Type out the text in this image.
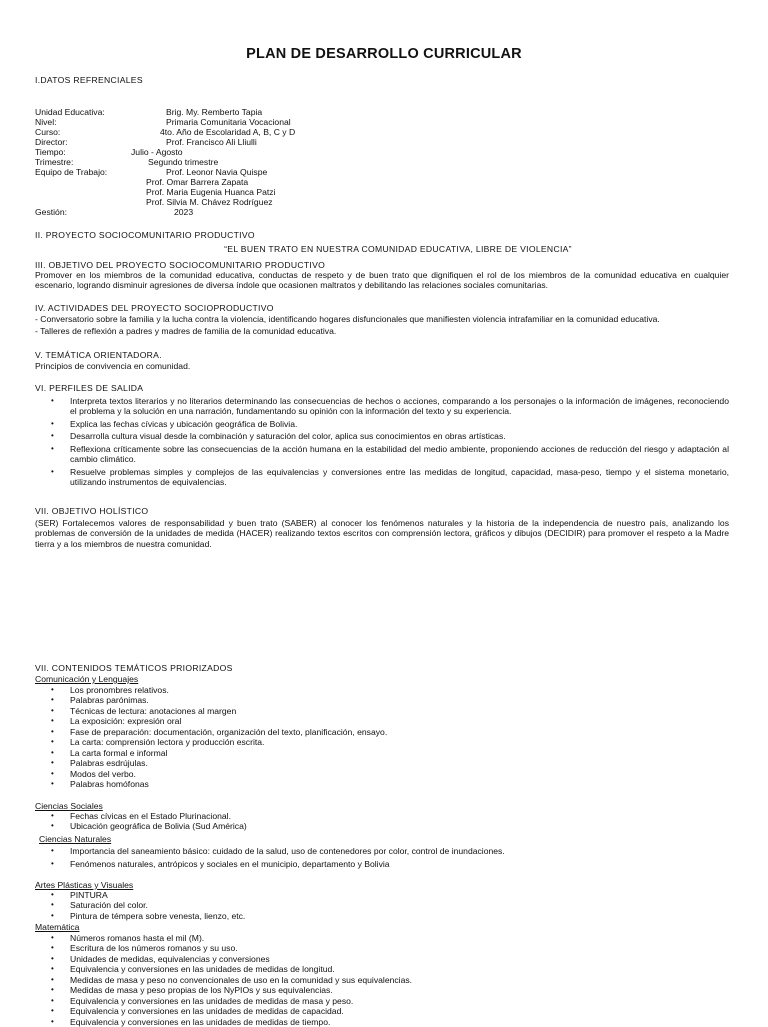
PLAN DE DESARROLLO CURRICULAR
I.DATOS REFRENCIALES
Unidad Educativa:	Brig. My. Remberto Tapia
Nivel:	Primaria Comunitaria Vocacional
Curso:	4to. Año de Escolaridad A, B, C y D
Director:	Prof. Francisco Ali Lliulli
Tiempo:	Julio - Agosto
Trimestre:	Segundo trimestre
Equipo de Trabajo:	Prof. Leonor Navia Quispe
Prof. Omar Barrera Zapata
Prof. Maria Eugenia Huanca Patzi
Prof. Silvia M. Chávez Rodríguez
Gestión:	2023
II. PROYECTO SOCIOCOMUNITARIO PRODUCTIVO
“EL BUEN TRATO EN NUESTRA COMUNIDAD EDUCATIVA, LIBRE DE VIOLENCIA”
III. OBJETIVO DEL PROYECTO SOCIOCOMUNITARIO PRODUCTIVO
Promover en los miembros de la comunidad educativa, conductas de respeto y de buen trato que dignifiquen el rol de los miembros de la comunidad educativa en cualquier escenario, logrando disminuir agresiones de diversa índole que ocasionen maltratos y debilitando las relaciones sociales comunitarias.
IV. ACTIVIDADES DEL PROYECTO SOCIOPRODUCTIVO
- Conversatorio sobre la familia y la lucha contra la violencia, identificando hogares disfuncionales que manifiesten violencia intrafamiliar en la comunidad educativa.
- Talleres de reflexión a padres y madres de familia de la comunidad educativa.
V. TEMÁTICA ORIENTADORA.
Principios de convivencia en comunidad.
VI. PERFILES DE SALIDA
• Interpreta textos literarios y no literarios determinando las consecuencias de hechos o acciones, comparando a los personajes o la información de imágenes, reconociendo el problema y la solución en una narración, fundamentando su opinión con la información del texto y su experiencia.
• Explica las fechas cívicas y ubicación geográfica de Bolivia.
• Desarrolla cultura visual desde la combinación y saturación del color, aplica sus conocimientos en obras artísticas.
• Reflexiona críticamente sobre las consecuencias de la acción humana en la estabilidad del medio ambiente, proponiendo acciones de reducción del riesgo y adaptación al cambio climático.
• Resuelve problemas simples y complejos de las equivalencias y conversiones entre las medidas de longitud, capacidad, masa-peso, tiempo y el sistema monetario, utilizando instrumentos de equivalencias.
VII. OBJETIVO HOLÍSTICO
(SER) Fortalecemos valores de responsabilidad y buen trato (SABER) al conocer los fenómenos naturales y la historia de la independencia de nuestro país, analizando los problemas de conversión de la unidades de medida (HACER) realizando textos escritos con comprensión lectora, gráficos y dibujos (DECIDIR) para promover el respeto a la Madre tierra y a los miembros de nuestra comunidad.
VII. CONTENIDOS TEMÁTICOS PRIORIZADOS
Comunicación y Lenguajes
• Los pronombres relativos.
• Palabras parónimas.
• Técnicas de lectura: anotaciones al margen
• La exposición: expresión oral
• Fase de preparación: documentación, organización del texto, planificación, ensayo.
• La carta: comprensión lectora y producción escrita.
• La carta formal e informal
• Palabras esdrújulas.
• Modos del verbo.
• Palabras homófonas
Ciencias Sociales
• Fechas cívicas en el Estado Plurinacional.
• Ubicación geográfica de Bolivia (Sud América)
Ciencias Naturales
• Importancia del saneamiento básico: cuidado de la salud, uso de contenedores por color, control de inundaciones.
• Fenómenos naturales, antrópicos y sociales en el municipio, departamento y Bolivia
Artes Plásticas y Visuales
• PINTURA
• Saturación del color.
• Pintura de témpera sobre venesta, lienzo, etc.
Matemática
• Números romanos hasta el mil (M).
• Escritura de los números romanos y su uso.
• Unidades de medidas, equivalencias y conversiones
• Equivalencia y conversiones en las unidades de medidas de longitud.
• Medidas de masa y peso no convencionales de uso en la comunidad y sus equivalencias.
• Medidas de masa y peso propias de los NyPIOs y sus equivalencias.
• Equivalencia y conversiones en las unidades de medidas de masa y peso.
• Equivalencia y conversiones en las unidades de medidas de capacidad.
• Equivalencia y conversiones en las unidades de medidas de tiempo.
